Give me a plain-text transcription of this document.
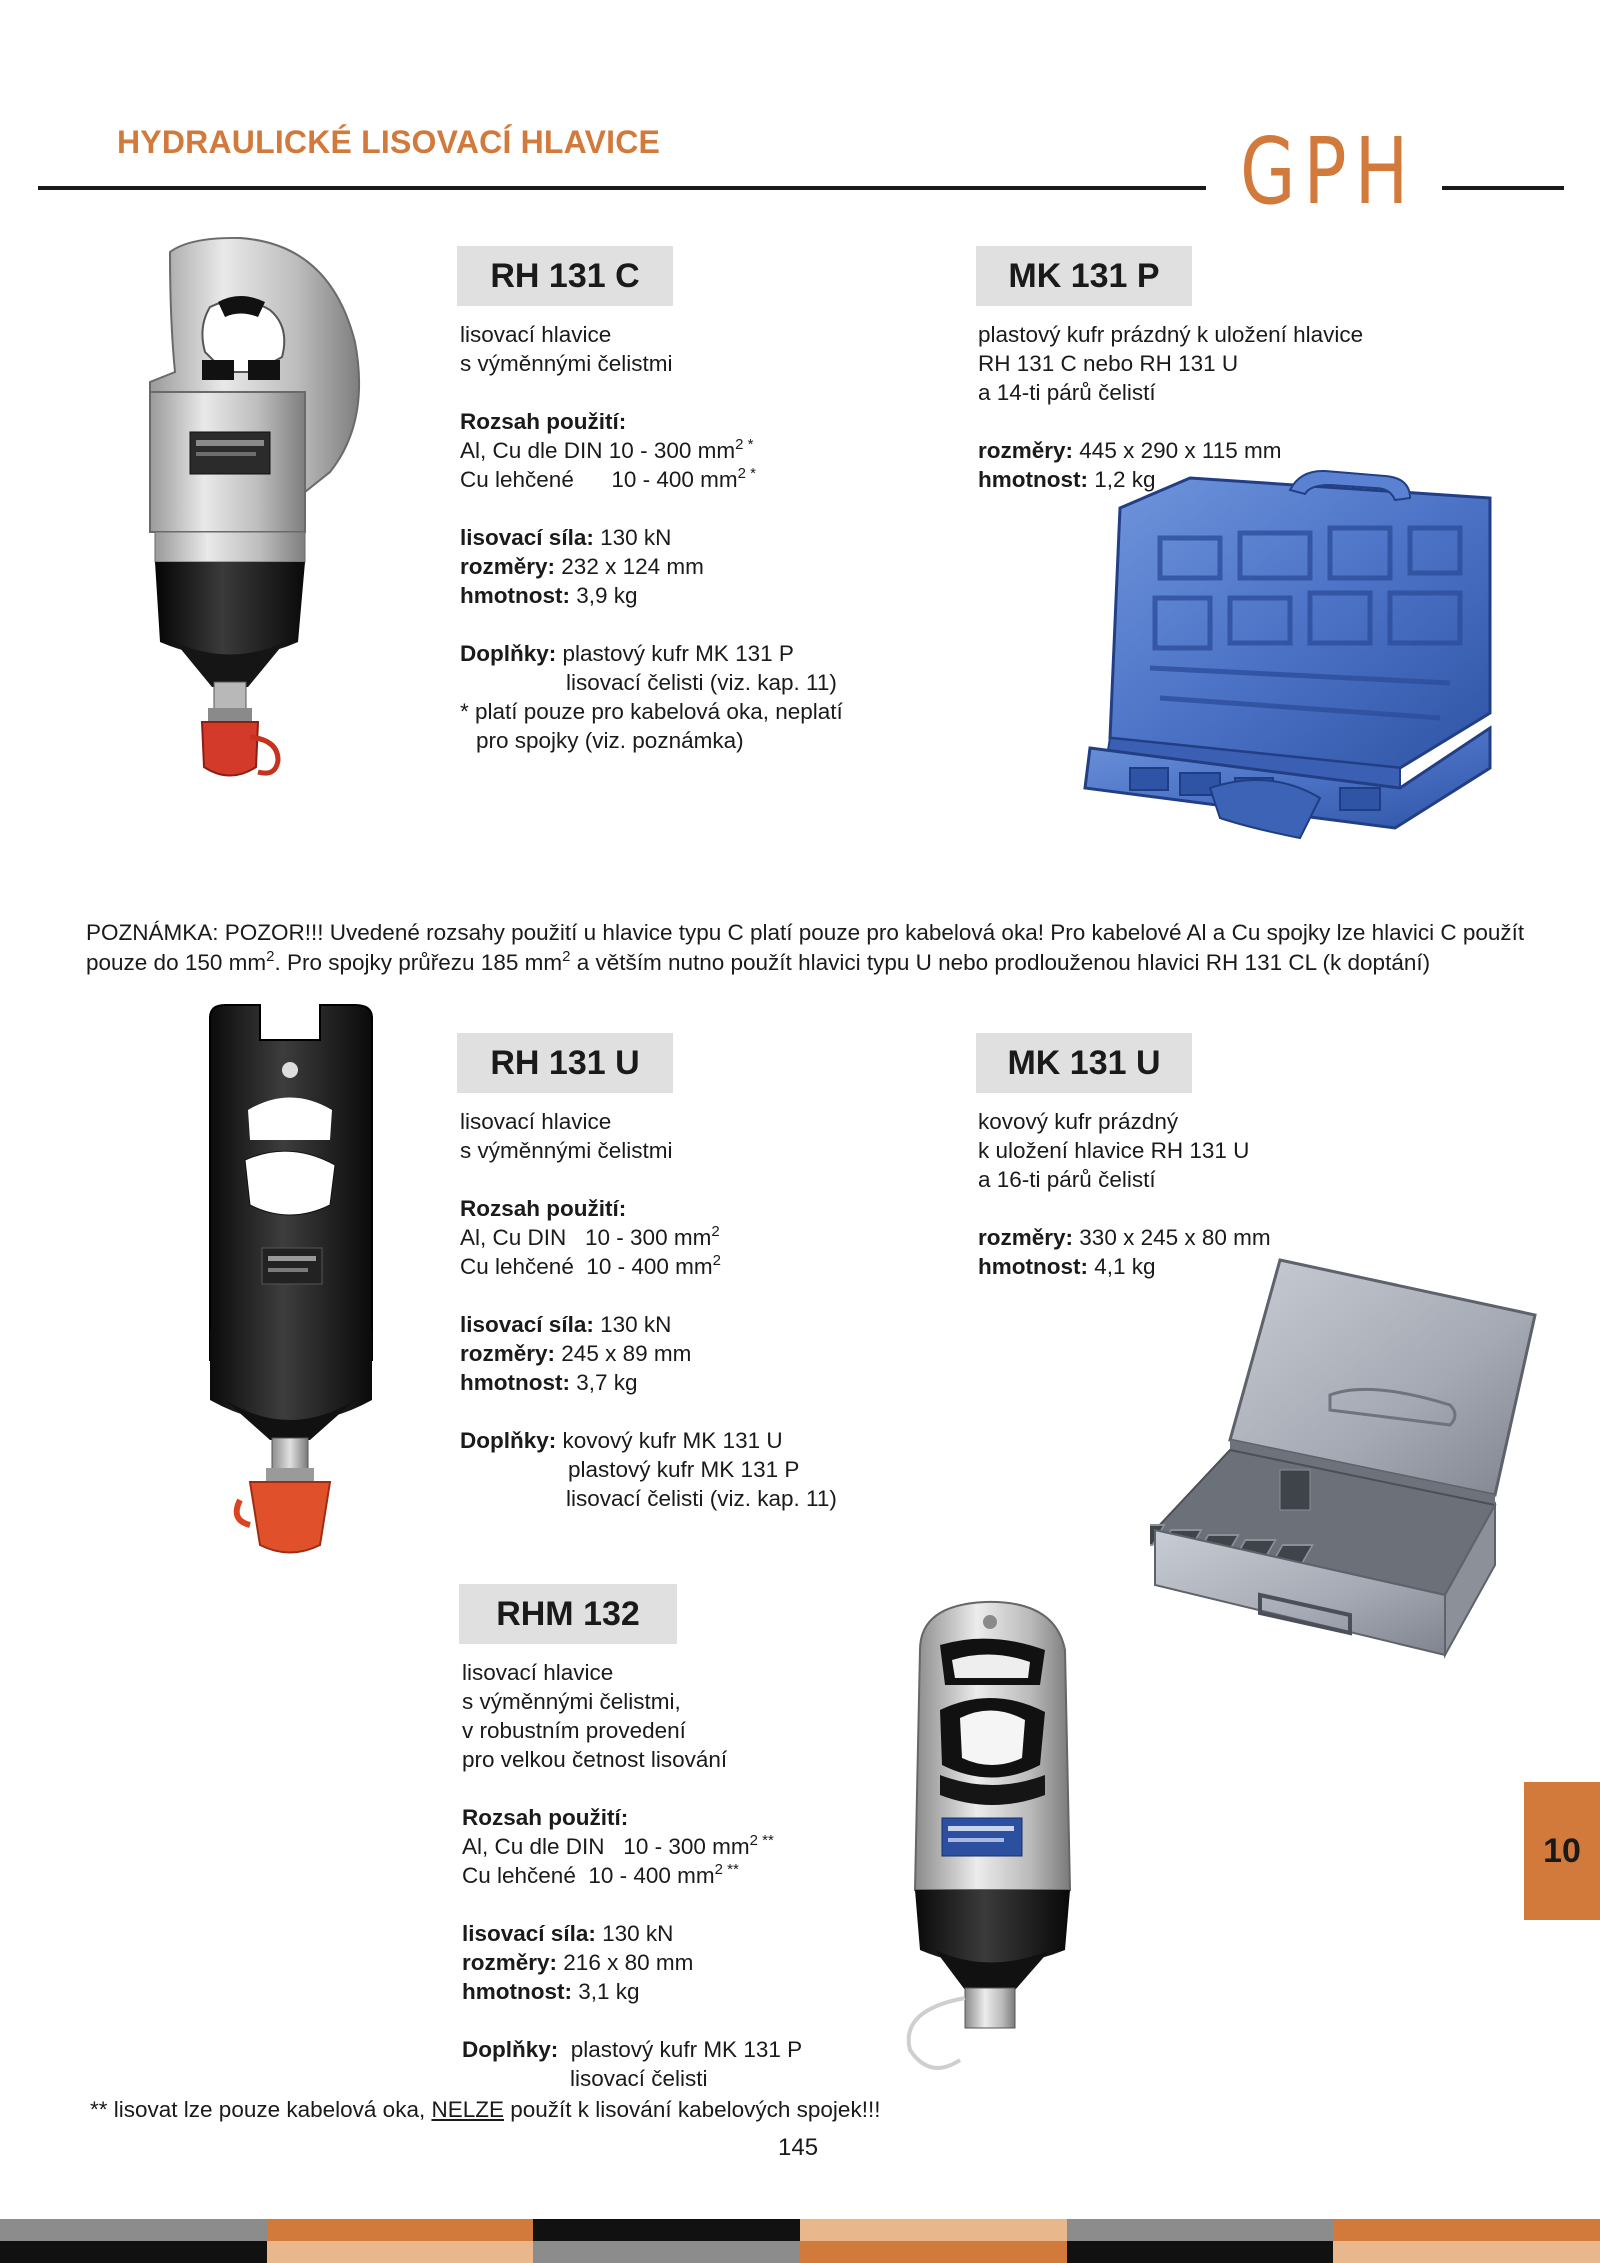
HYDRAULICKÉ LISOVACÍ HLAVICE	GPH
RH 131 C
lisovací hlavice
s výměnnými čelistmi

Rozsah použití:
Al, Cu dle DIN 10 - 300 $mm^{2 *}$
Cu lehčené      10 - 400 $mm^{2 *}$

lisovací síla: 130 kN
rozměry: 232 x 124 mm
hmotnost: 3,9 kg

Doplňky: plastový kufr MK 131 P
lisovací čelisti (viz. kap. 11)
* platí pouze pro kabelová oka, neplatí
pro spojky (viz. poznámka)
MK 131 P
plastový kufr prázdný k uložení hlavice
RH 131 C nebo RH 131 U
a 14-ti párů čelistí

rozměry: 445 x 290 x 115 mm
hmotnost: 1,2 kg
POZNÁMKA: POZOR!!! Uvedené rozsahy použití u hlavice typu C platí pouze pro kabelová oka! Pro kabelové Al a Cu spojky lze hlavici C použít
pouze do 150 $mm^2$. Pro spojky průřezu 185 $mm^2$ a větším nutno použít hlavici typu U nebo prodlouženou hlavici RH 131 CL (k doptání)
RH 131 U
lisovací hlavice
s výměnnými čelistmi

Rozsah použití:
Al, Cu DIN   10 - 300 $mm^2$
Cu lehčené  10 - 400 $mm^2$

lisovací síla: 130 kN
rozměry: 245 x 89 mm
hmotnost: 3,7 kg

Doplňky: kovový kufr MK 131 U
plastový kufr MK 131 P
lisovací čelisti (viz. kap. 11)
MK 131 U
kovový kufr prázdný
k uložení hlavice RH 131 U
a 16-ti párů čelistí

rozměry: 330 x 245 x 80 mm
hmotnost: 4,1 kg
RHM 132
lisovací hlavice
s výměnnými čelistmi,
v robustním provedení
pro velkou četnost lisování

Rozsah použití:
Al, Cu dle DIN   10 - 300 $mm^{2 **}$
Cu lehčené  10 - 400 $mm^{2 **}$

lisovací síla: 130 kN
rozměry: 216 x 80 mm
hmotnost: 3,1 kg

Doplňky:  plastový kufr MK 131 P
lisovací čelisti
** lisovat lze pouze kabelová oka, NELZE použít k lisování kabelových spojek!!!
145
10
